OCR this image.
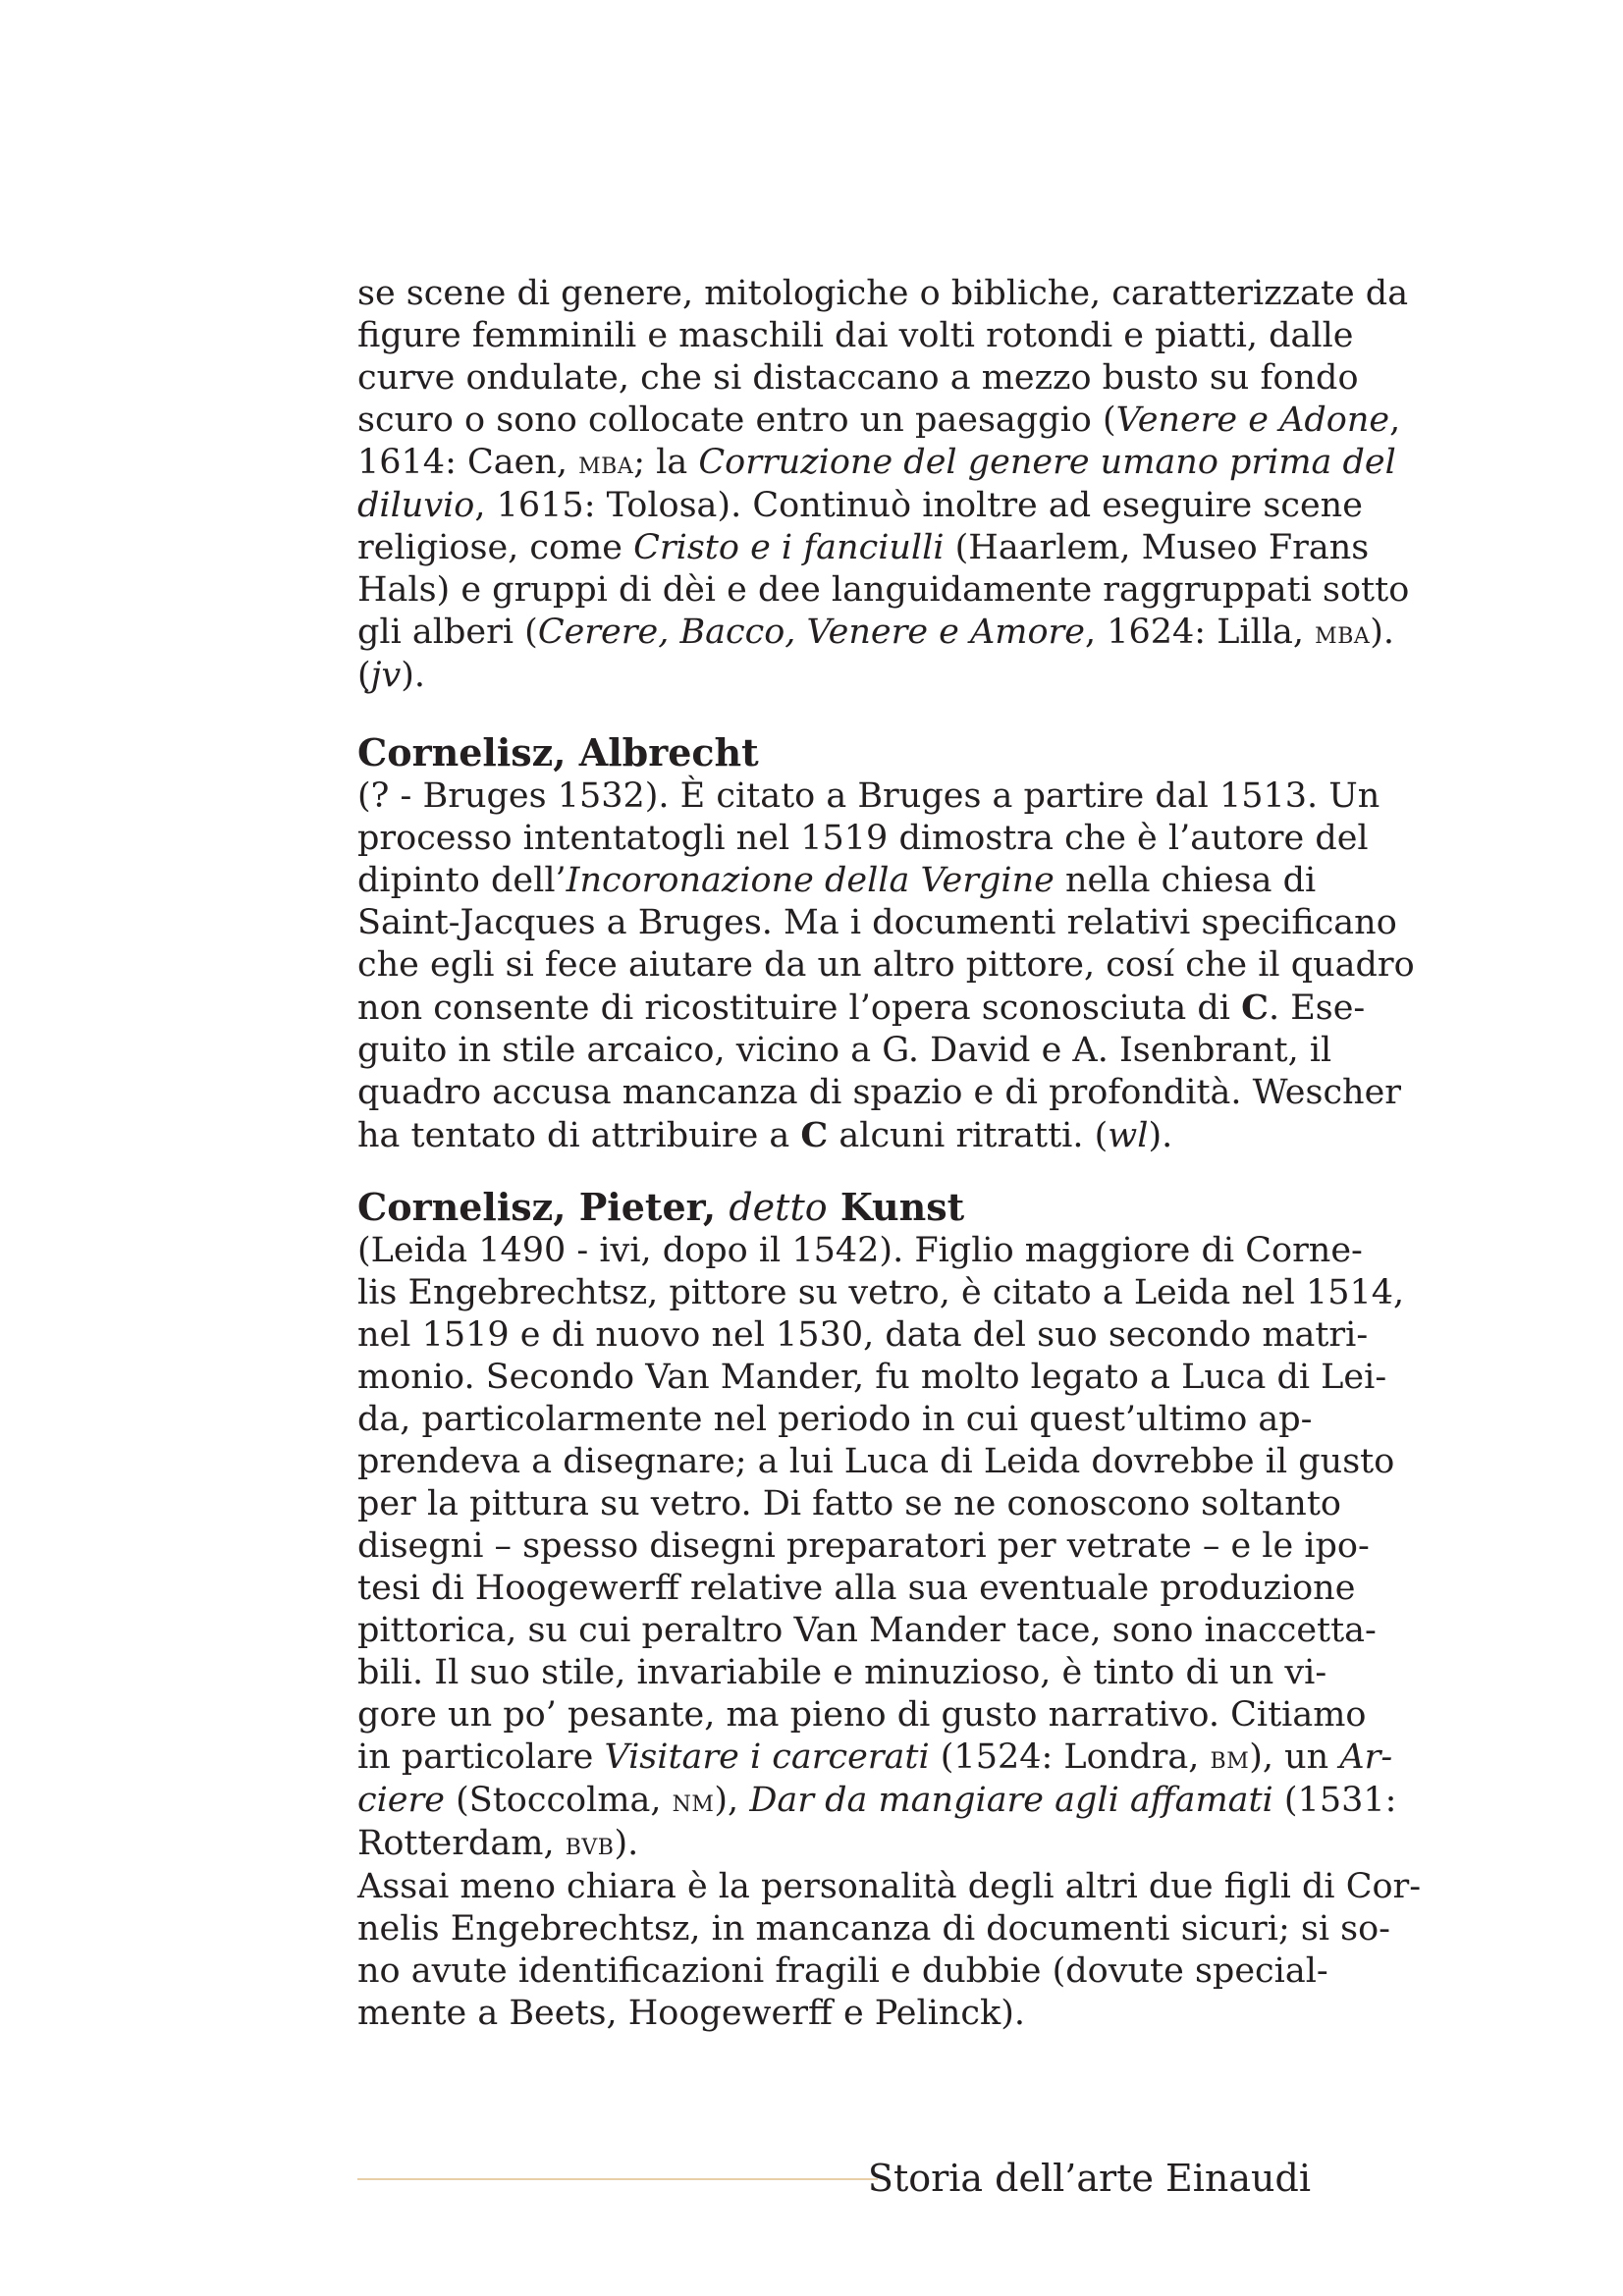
se scene di genere, mitologiche o bibliche, caratterizzate da
figure femminili e maschili dai volti rotondi e piatti, dalle
curve ondulate, che si distaccano a mezzo busto su fondo
scuro o sono collocate entro un paesaggio (Venere e Adone,
1614: Caen, mba; la Corruzione del genere umano prima del
diluvio, 1615: Tolosa). Continuò inoltre ad eseguire scene
religiose, come Cristo e i fanciulli (Haarlem, Museo Frans
Hals) e gruppi di dèi e dee languidamente raggruppati sotto
gli alberi (Cerere, Bacco, Venere e Amore, 1624: Lilla, mba).
(jv).
Cornelisz, Albrecht
(? - Bruges 1532). È citato a Bruges a partire dal 1513. Un
processo intentatogli nel 1519 dimostra che è l’autore del
dipinto dell’Incoronazione della Vergine nella chiesa di
Saint-Jacques a Bruges. Ma i documenti relativi specificano
che egli si fece aiutare da un altro pittore, cosí che il quadro
non consente di ricostituire l’opera sconosciuta di C. Ese-
guito in stile arcaico, vicino a G. David e A. Isenbrant, il
quadro accusa mancanza di spazio e di profondità. Wescher
ha tentato di attribuire a C alcuni ritratti. (wl).
Cornelisz, Pieter, detto Kunst
(Leida 1490 - ivi, dopo il 1542). Figlio maggiore di Corne-
lis Engebrechtsz, pittore su vetro, è citato a Leida nel 1514,
nel 1519 e di nuovo nel 1530, data del suo secondo matri-
monio. Secondo Van Mander, fu molto legato a Luca di Lei-
da, particolarmente nel periodo in cui quest’ultimo ap-
prendeva a disegnare; a lui Luca di Leida dovrebbe il gusto
per la pittura su vetro. Di fatto se ne conoscono soltanto
disegni – spesso disegni preparatori per vetrate – e le ipo-
tesi di Hoogewerff relative alla sua eventuale produzione
pittorica, su cui peraltro Van Mander tace, sono inaccetta-
bili. Il suo stile, invariabile e minuzioso, è tinto di un vi-
gore un po’ pesante, ma pieno di gusto narrativo. Citiamo
in particolare Visitare i carcerati (1524: Londra, bm), un Ar-
ciere (Stoccolma, nm), Dar da mangiare agli affamati (1531:
Rotterdam, bvb).
Assai meno chiara è la personalità degli altri due figli di Cor-
nelis Engebrechtsz, in mancanza di documenti sicuri; si so-
no avute identificazioni fragili e dubbie (dovute special-
mente a Beets, Hoogewerff e Pelinck).
Storia dell’arte Einaudi
